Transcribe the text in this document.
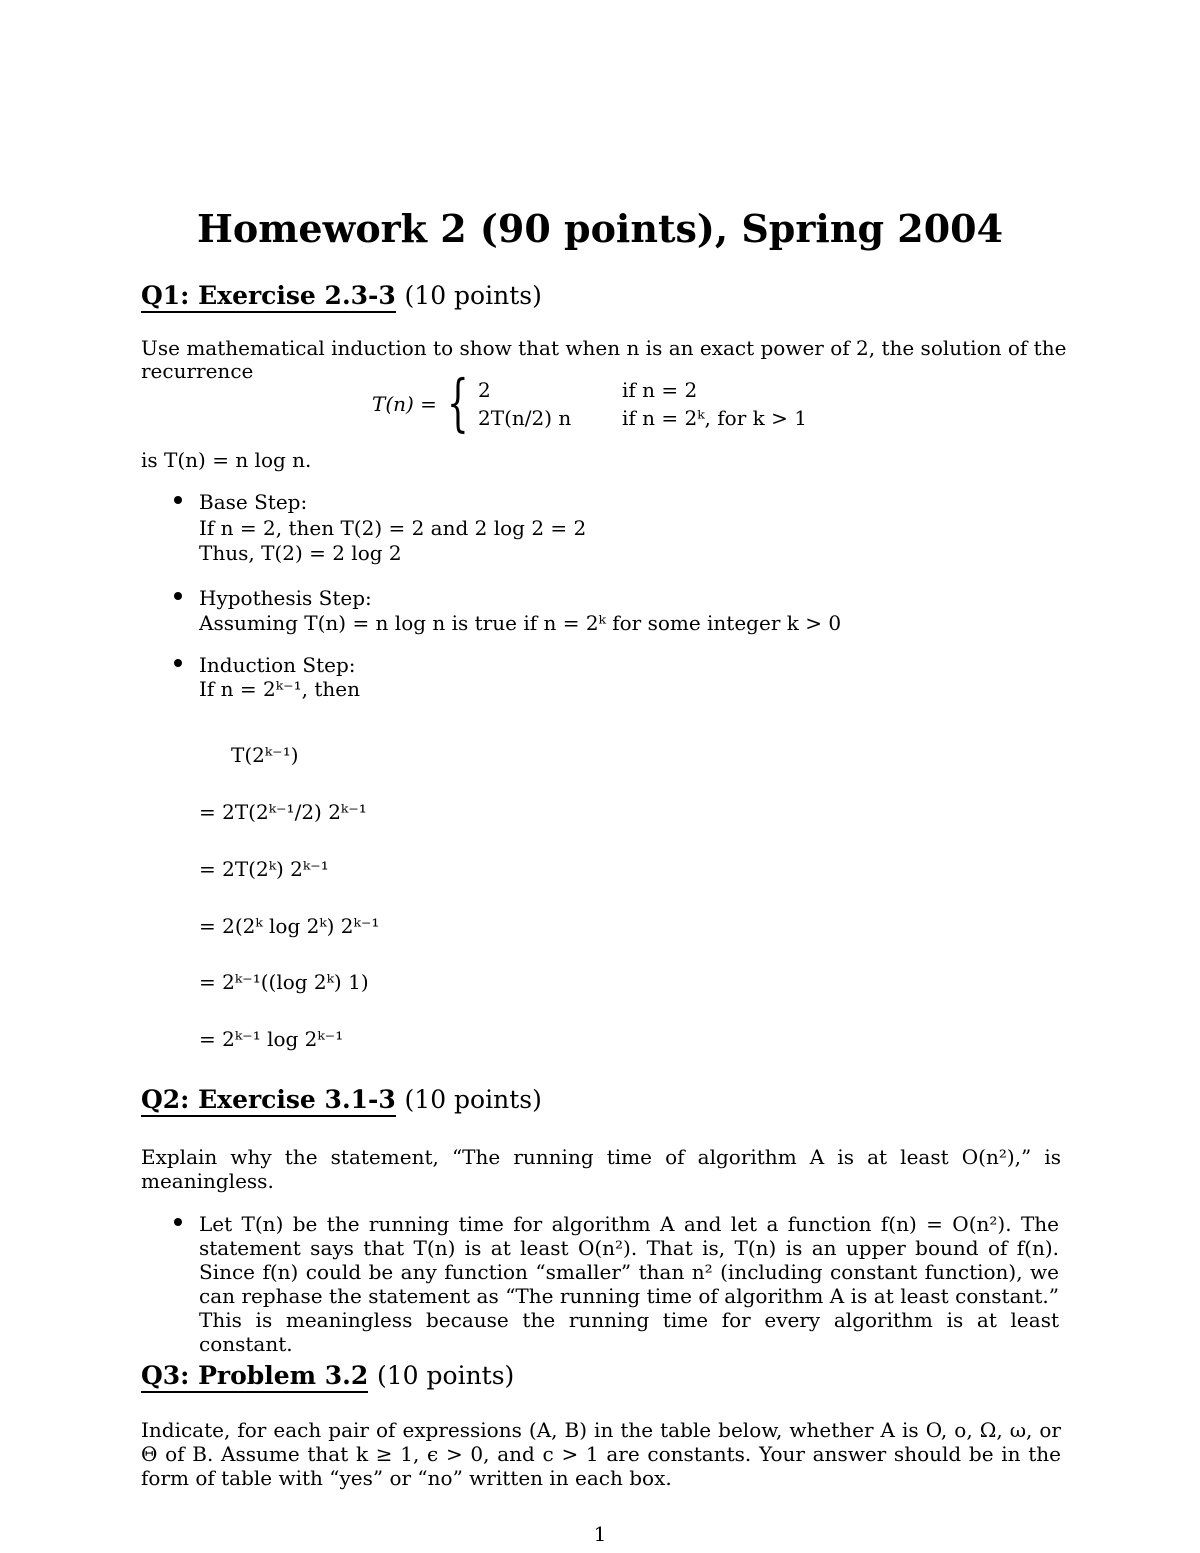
Homework 2 (90 points), Spring 2004
Q1: Exercise 2.3-3 (10 points)
Use mathematical induction to show that when n is an exact power of 2, the solution of the
recurrence
T(n) = { 2	if n = 2
2T(n/2) n	if n = 2ᵏ, for k > 1
is T(n) = n log n.
Base Step:
If n = 2, then T(2) = 2 and 2 log 2 = 2
Thus, T(2) = 2 log 2
Hypothesis Step:
Assuming T(n) = n log n is true if n = 2ᵏ for some integer k > 0
Induction Step:
If n = 2ᵏ⁻¹, then
T(2ᵏ⁻¹)
= 2T(2ᵏ⁻¹/2) 2ᵏ⁻¹
= 2T(2ᵏ) 2ᵏ⁻¹
= 2(2ᵏ log 2ᵏ) 2ᵏ⁻¹
= 2ᵏ⁻¹((log 2ᵏ) 1)
= 2ᵏ⁻¹ log 2ᵏ⁻¹
Q2: Exercise 3.1-3 (10 points)
Explain why the statement, “The running time of algorithm A is at least O(n²),” is meaningless.
Let T(n) be the running time for algorithm A and let a function f(n) = O(n²). The statement says that T(n) is at least O(n²). That is, T(n) is an upper bound of f(n). Since f(n) could be any function “smaller” than n² (including constant function), we can rephase the statement as “The running time of algorithm A is at least constant.” This is meaningless because the running time for every algorithm is at least constant.
Q3: Problem 3.2 (10 points)
Indicate, for each pair of expressions (A, B) in the table below, whether A is O, o, Ω, ω, or Θ of B. Assume that k ≥ 1, ϵ > 0, and c > 1 are constants. Your answer should be in the form of table with “yes” or “no” written in each box.
1
